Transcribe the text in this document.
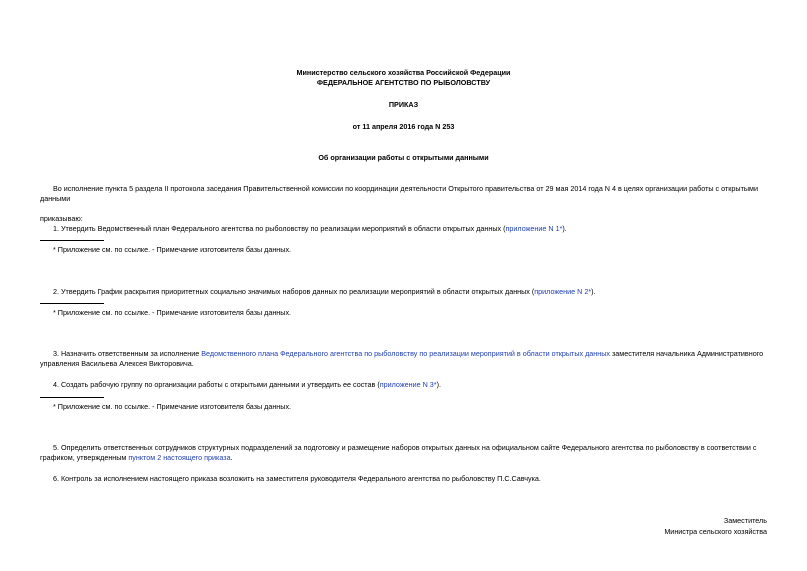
Министерство сельского хозяйства Российской Федерации
ФЕДЕРАЛЬНОЕ АГЕНТСТВО ПО РЫБОЛОВСТВУ
ПРИКАЗ
от 11 апреля 2016 года N 253
Об организации работы с открытыми данными
Во исполнение пункта 5 раздела II протокола заседания Правительственной комиссии по координации деятельности Открытого правительства от 29 мая 2014 года N 4 в целях организации работы с открытыми
данными
приказываю:
1. Утвердить Ведомственный план Федерального агентства по рыболовству по реализации мероприятий в области открытых данных (приложение N 1*).
* Приложение см. по ссылке. - Примечание изготовителя базы данных.
2. Утвердить График раскрытия приоритетных социально значимых наборов данных по реализации мероприятий в области открытых данных (приложение N 2*).
* Приложение см. по ссылке. - Примечание изготовителя базы данных.
3. Назначить ответственным за исполнение Ведомственного плана Федерального агентства по рыболовству по реализации мероприятий в области открытых данных заместителя начальника Административного
управления Васильева Алексея Викторовича.
4. Создать рабочую группу по организации работы с открытыми данными и утвердить ее состав (приложение N 3*).
* Приложение см. по ссылке. - Примечание изготовителя базы данных.
5. Определить ответственных сотрудников структурных подразделений за подготовку и размещение наборов открытых данных на официальном сайте Федерального агентства по рыболовству в соответствии с
графиком, утвержденным пунктом 2 настоящего приказа.
6. Контроль за исполнением настоящего приказа возложить на заместителя руководителя Федерального агентства по рыболовству П.С.Савчука.
Заместитель
Министра сельского хозяйства
